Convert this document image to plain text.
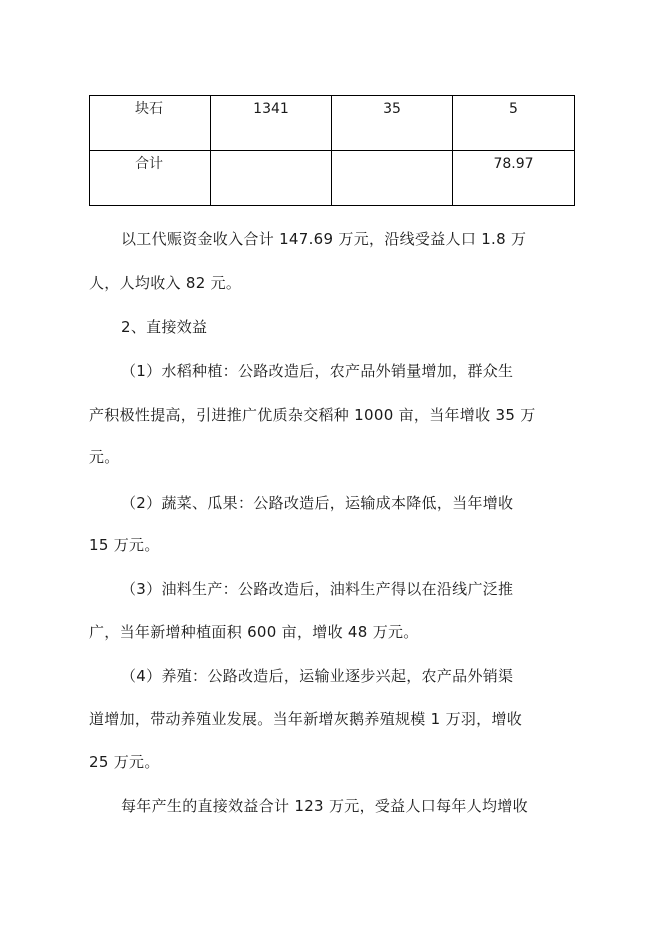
块石	1341	35	5
合计			78.97

以工代赈资金收入合计 147.69 万元，沿线受益人口 1.8 万

人，人均收入 82 元。

2、直接效益

（1）水稻种植：公路改造后，农产品外销量增加，群众生

产积极性提高，引进推广优质杂交稻种 1000 亩，当年增收 35 万

元。

（2）蔬菜、瓜果：公路改造后，运输成本降低，当年增收

15 万元。

（3）油料生产：公路改造后，油料生产得以在沿线广泛推

广，当年新增种植面积 600 亩，增收 48 万元。

（4）养殖：公路改造后，运输业逐步兴起，农产品外销渠

道增加，带动养殖业发展。当年新增灰鹅养殖规模 1 万羽，增收

25 万元。

每年产生的直接效益合计 123 万元，受益人口每年人均增收
